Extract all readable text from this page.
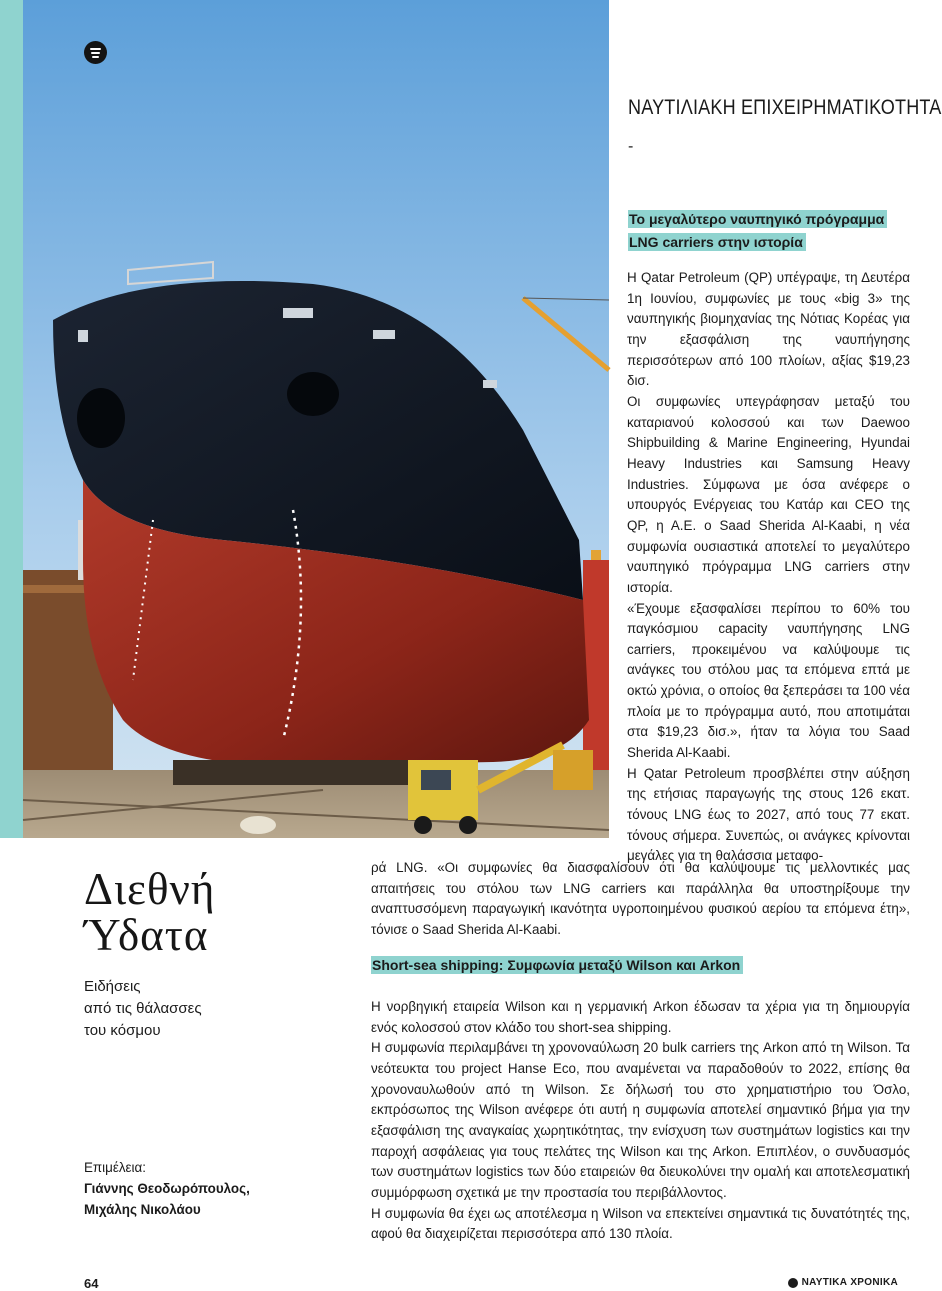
ΝΑΥΤΙΛΙΑΚΗ ΕΠΙΧΕΙΡΗΜΑΤΙΚΟΤΗΤΑ
-
Το μεγαλύτερο ναυπηγικό πρόγραμμα LNG carriers στην ιστορία

Η Qatar Petroleum (QP) υπέγραψε, τη Δευτέρα 1η Ιουνίου, συμφωνίες με τους «big 3» της ναυπηγικής βιομηχανίας της Νότιας Κορέας για την εξασφάλιση της ναυπήγησης περισσότερων από 100 πλοίων, αξίας $19,23 δισ.

Οι συμφωνίες υπεγράφησαν μεταξύ του καταριανού κολοσσού και των Daewoo Shipbuilding & Marine Engineering, Hyundai Heavy Industries και Samsung Heavy Industries. Σύμφωνα με όσα ανέφερε ο υπουργός Ενέργειας του Κατάρ και CEO της QP, η Α.Ε. ο Saad Sherida Al-Kaabi, η νέα συμφωνία ουσιαστικά αποτελεί το μεγαλύτερο ναυπηγικό πρόγραμμα LNG carriers στην ιστορία.

«Έχουμε εξασφαλίσει περίπου το 60% του παγκόσμιου capacity ναυπήγησης LNG carriers, προκειμένου να καλύψουμε τις ανάγκες του στόλου μας τα επόμενα επτά με οκτώ χρόνια, ο οποίος θα ξεπεράσει τα 100 νέα πλοία με το πρόγραμμα αυτό, που αποτιμάται στα $19,23 δισ.», ήταν τα λόγια του Saad Sherida Al-Kaabi.

Η Qatar Petroleum προσβλέπει στην αύξηση της ετήσιας παραγωγής της στους 126 εκατ. τόνους LNG έως το 2027, από τους 77 εκατ. τόνους σήμερα. Συνεπώς, οι ανάγκες κρίνονται μεγάλες για τη θαλάσσια μεταφο-

ρά LNG. «Οι συμφωνίες θα διασφαλίσουν ότι θα καλύψουμε τις μελλοντικές μας απαιτήσεις του στόλου των LNG carriers και παράλληλα θα υποστηρίξουμε την αναπτυσσόμενη παραγωγική ικανότητα υγροποιημένου φυσικού αερίου τα επόμενα έτη», τόνισε ο Saad Sherida Al-Kaabi.

Short-sea shipping: Συμφωνία μεταξύ Wilson και Arkon

Η νορβηγική εταιρεία Wilson και η γερμανική Arkon έδωσαν τα χέρια για τη δημιουργία ενός κολοσσού στον κλάδο του short-sea shipping.

Η συμφωνία περιλαμβάνει τη χρονοναύλωση 20 bulk carriers της Arkon από τη Wilson. Τα νεότευκτα του project Hanse Eco, που αναμένεται να παραδοθούν το 2022, επίσης θα χρονοναυλωθούν από τη Wilson. Σε δήλωσή του στο χρηματιστήριο του Όσλο, εκπρόσωπος της Wilson ανέφερε ότι αυτή η συμφωνία αποτελεί σημαντικό βήμα για την εξασφάλιση της αναγκαίας χωρητικότητας, την ενίσχυση των συστημάτων logistics και την παροχή ασφάλειας για τους πελάτες της Wilson και της Arkon. Επιπλέον, ο συνδυασμός των συστημάτων logistics των δύο εταιρειών θα διευκολύνει την ομαλή και αποτελεσματική συμμόρφωση σχετικά με την προστασία του περιβάλλοντος.

Η συμφωνία θα έχει ως αποτέλεσμα η Wilson να επεκτείνει σημαντικά τις δυνατότητές της, αφού θα διαχειρίζεται περισσότερα από 130 πλοία.

Διεθνή
Ύδατα
Ειδήσεις
από τις θάλασσες
του κόσμου
Επιμέλεια:
Γιάννης Θεοδωρόπουλος,
Μιχάλης Νικολάου
64	ΝΑΥΤΙΚΑ ΧΡΟΝΙΚΑ
